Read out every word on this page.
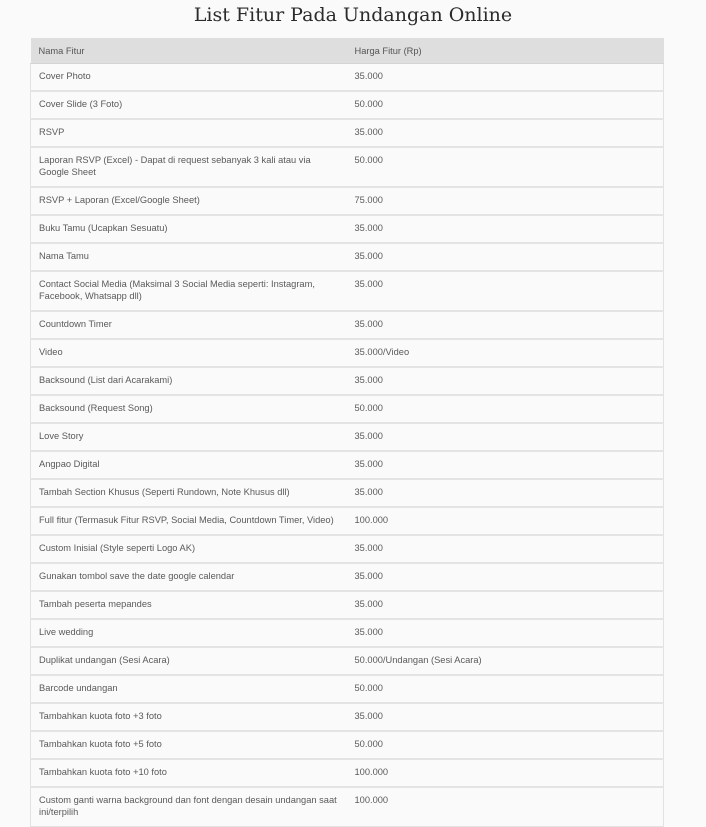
List Fitur Pada Undangan Online
Nama Fitur	Harga Fitur (Rp)
Cover Photo	35.000
Cover Slide (3 Foto)	50.000
RSVP	35.000
Laporan RSVP (Excel) - Dapat di request sebanyak 3 kali atau via Google Sheet	50.000
RSVP + Laporan (Excel/Google Sheet)	75.000
Buku Tamu (Ucapkan Sesuatu)	35.000
Nama Tamu	35.000
Contact Social Media (Maksimal 3 Social Media seperti: Instagram, Facebook, Whatsapp dll)	35.000
Countdown Timer	35.000
Video	35.000/Video
Backsound (List dari Acarakami)	35.000
Backsound (Request Song)	50.000
Love Story	35.000
Angpao Digital	35.000
Tambah Section Khusus (Seperti Rundown, Note Khusus dll)	35.000
Full fitur (Termasuk Fitur RSVP, Social Media, Countdown Timer, Video)	100.000
Custom Inisial (Style seperti Logo AK)	35.000
Gunakan tombol save the date google calendar	35.000
Tambah peserta mepandes	35.000
Live wedding	35.000
Duplikat undangan (Sesi Acara)	50.000/Undangan (Sesi Acara)
Barcode undangan	50.000
Tambahkan kuota foto +3 foto	35.000
Tambahkan kuota foto +5 foto	50.000
Tambahkan kuota foto +10 foto	100.000
Custom ganti warna background dan font dengan desain undangan saat ini/terpilih	100.000
